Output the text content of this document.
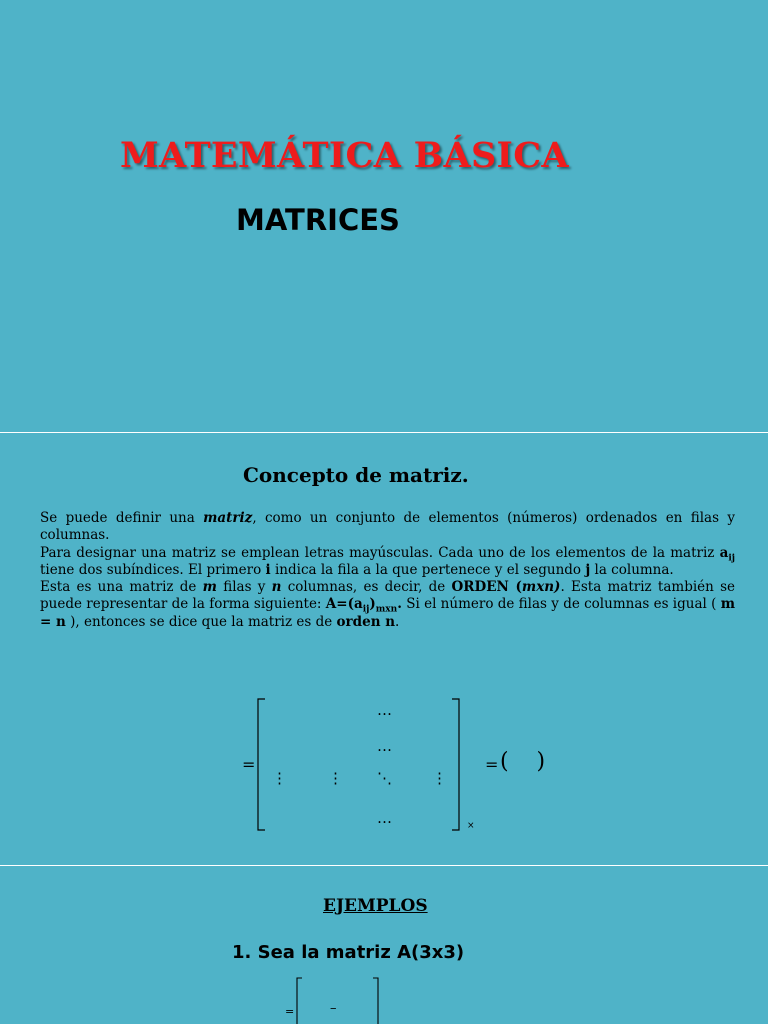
MATEMÁTICA BÁSICA
MATRICES
Concepto de matriz.

Se puede definir una matriz, como un conjunto de elementos (números) ordenados en filas y columnas.

Para designar una matriz se emplean letras mayúsculas. Cada uno de los elementos de la matriz $a_{ij}$ tiene dos subíndices. El primero i indica la fila a la que pertenece y el segundo j la columna.

Esta es una matriz de m filas y n columnas, es decir, de ORDEN (mxn). Esta matriz también se puede representar de la forma siguiente: $A=(a_{ij})_{mxn}$. Si el número de filas y de columnas es igual ( m = n ), entonces se dice que la matriz es de orden n.

=
…
…
⋮	⋮ ⋱	⋮
…	×
= (    )
EJEMPLOS
1. Sea la matriz A(3x3)
=	–
